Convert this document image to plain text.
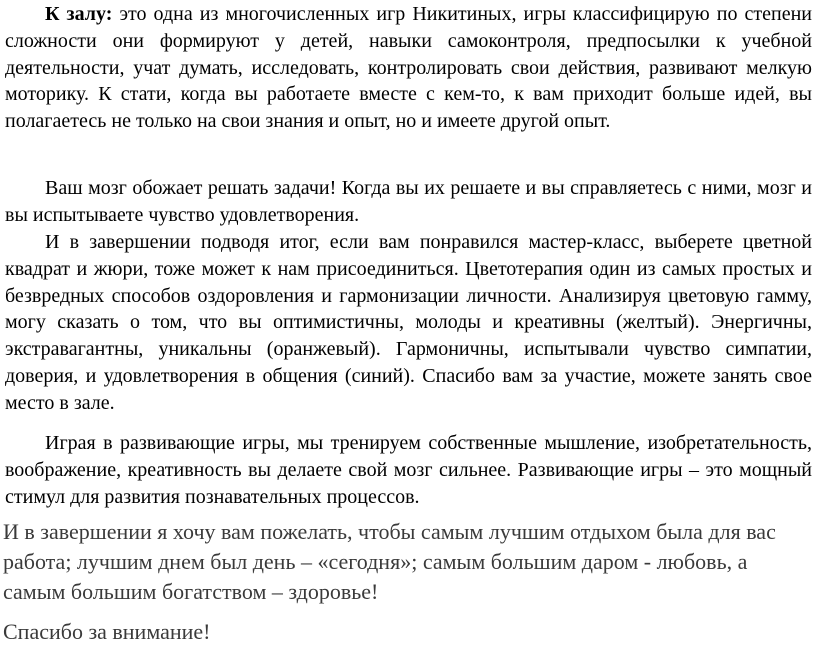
К залу: это одна из многочисленных игр Никитиных, игры классифицирую по степени сложности они формируют у детей, навыки самоконтроля, предпосылки к учебной деятельности, учат думать, исследовать, контролировать свои действия, развивают мелкую моторику. К стати, когда вы работаете вместе с кем-то, к вам приходит больше идей, вы полагаетесь не только на свои знания и опыт, но и имеете другой опыт.

Ваш мозг обожает решать задачи! Когда вы их решаете и вы справляетесь с ними, мозг и вы испытываете чувство удовлетворения.

И в завершении подводя итог, если вам понравился мастер-класс, выберете цветной квадрат и жюри, тоже может к нам присоединиться. Цветотерапия один из самых простых и безвредных способов оздоровления и гармонизации личности. Анализируя цветовую гамму, могу сказать о том, что вы оптимистичны, молоды и креативны (желтый). Энергичны, экстравагантны, уникальны (оранжевый). Гармоничны, испытывали чувство симпатии, доверия, и удовлетворения в общения (синий). Спасибо вам за участие, можете занять свое место в зале.

Играя в развивающие игры, мы тренируем собственные мышление, изобретательность, воображение, креативность вы делаете свой мозг сильнее. Развивающие игры – это мощный стимул для развития познавательных процессов.

И в завершении я хочу вам пожелать, чтобы самым лучшим отдыхом была для вас работа; лучшим днем был день – «сегодня»; самым большим даром - любовь, а самым большим богатством – здоровье!

Спасибо за внимание!
